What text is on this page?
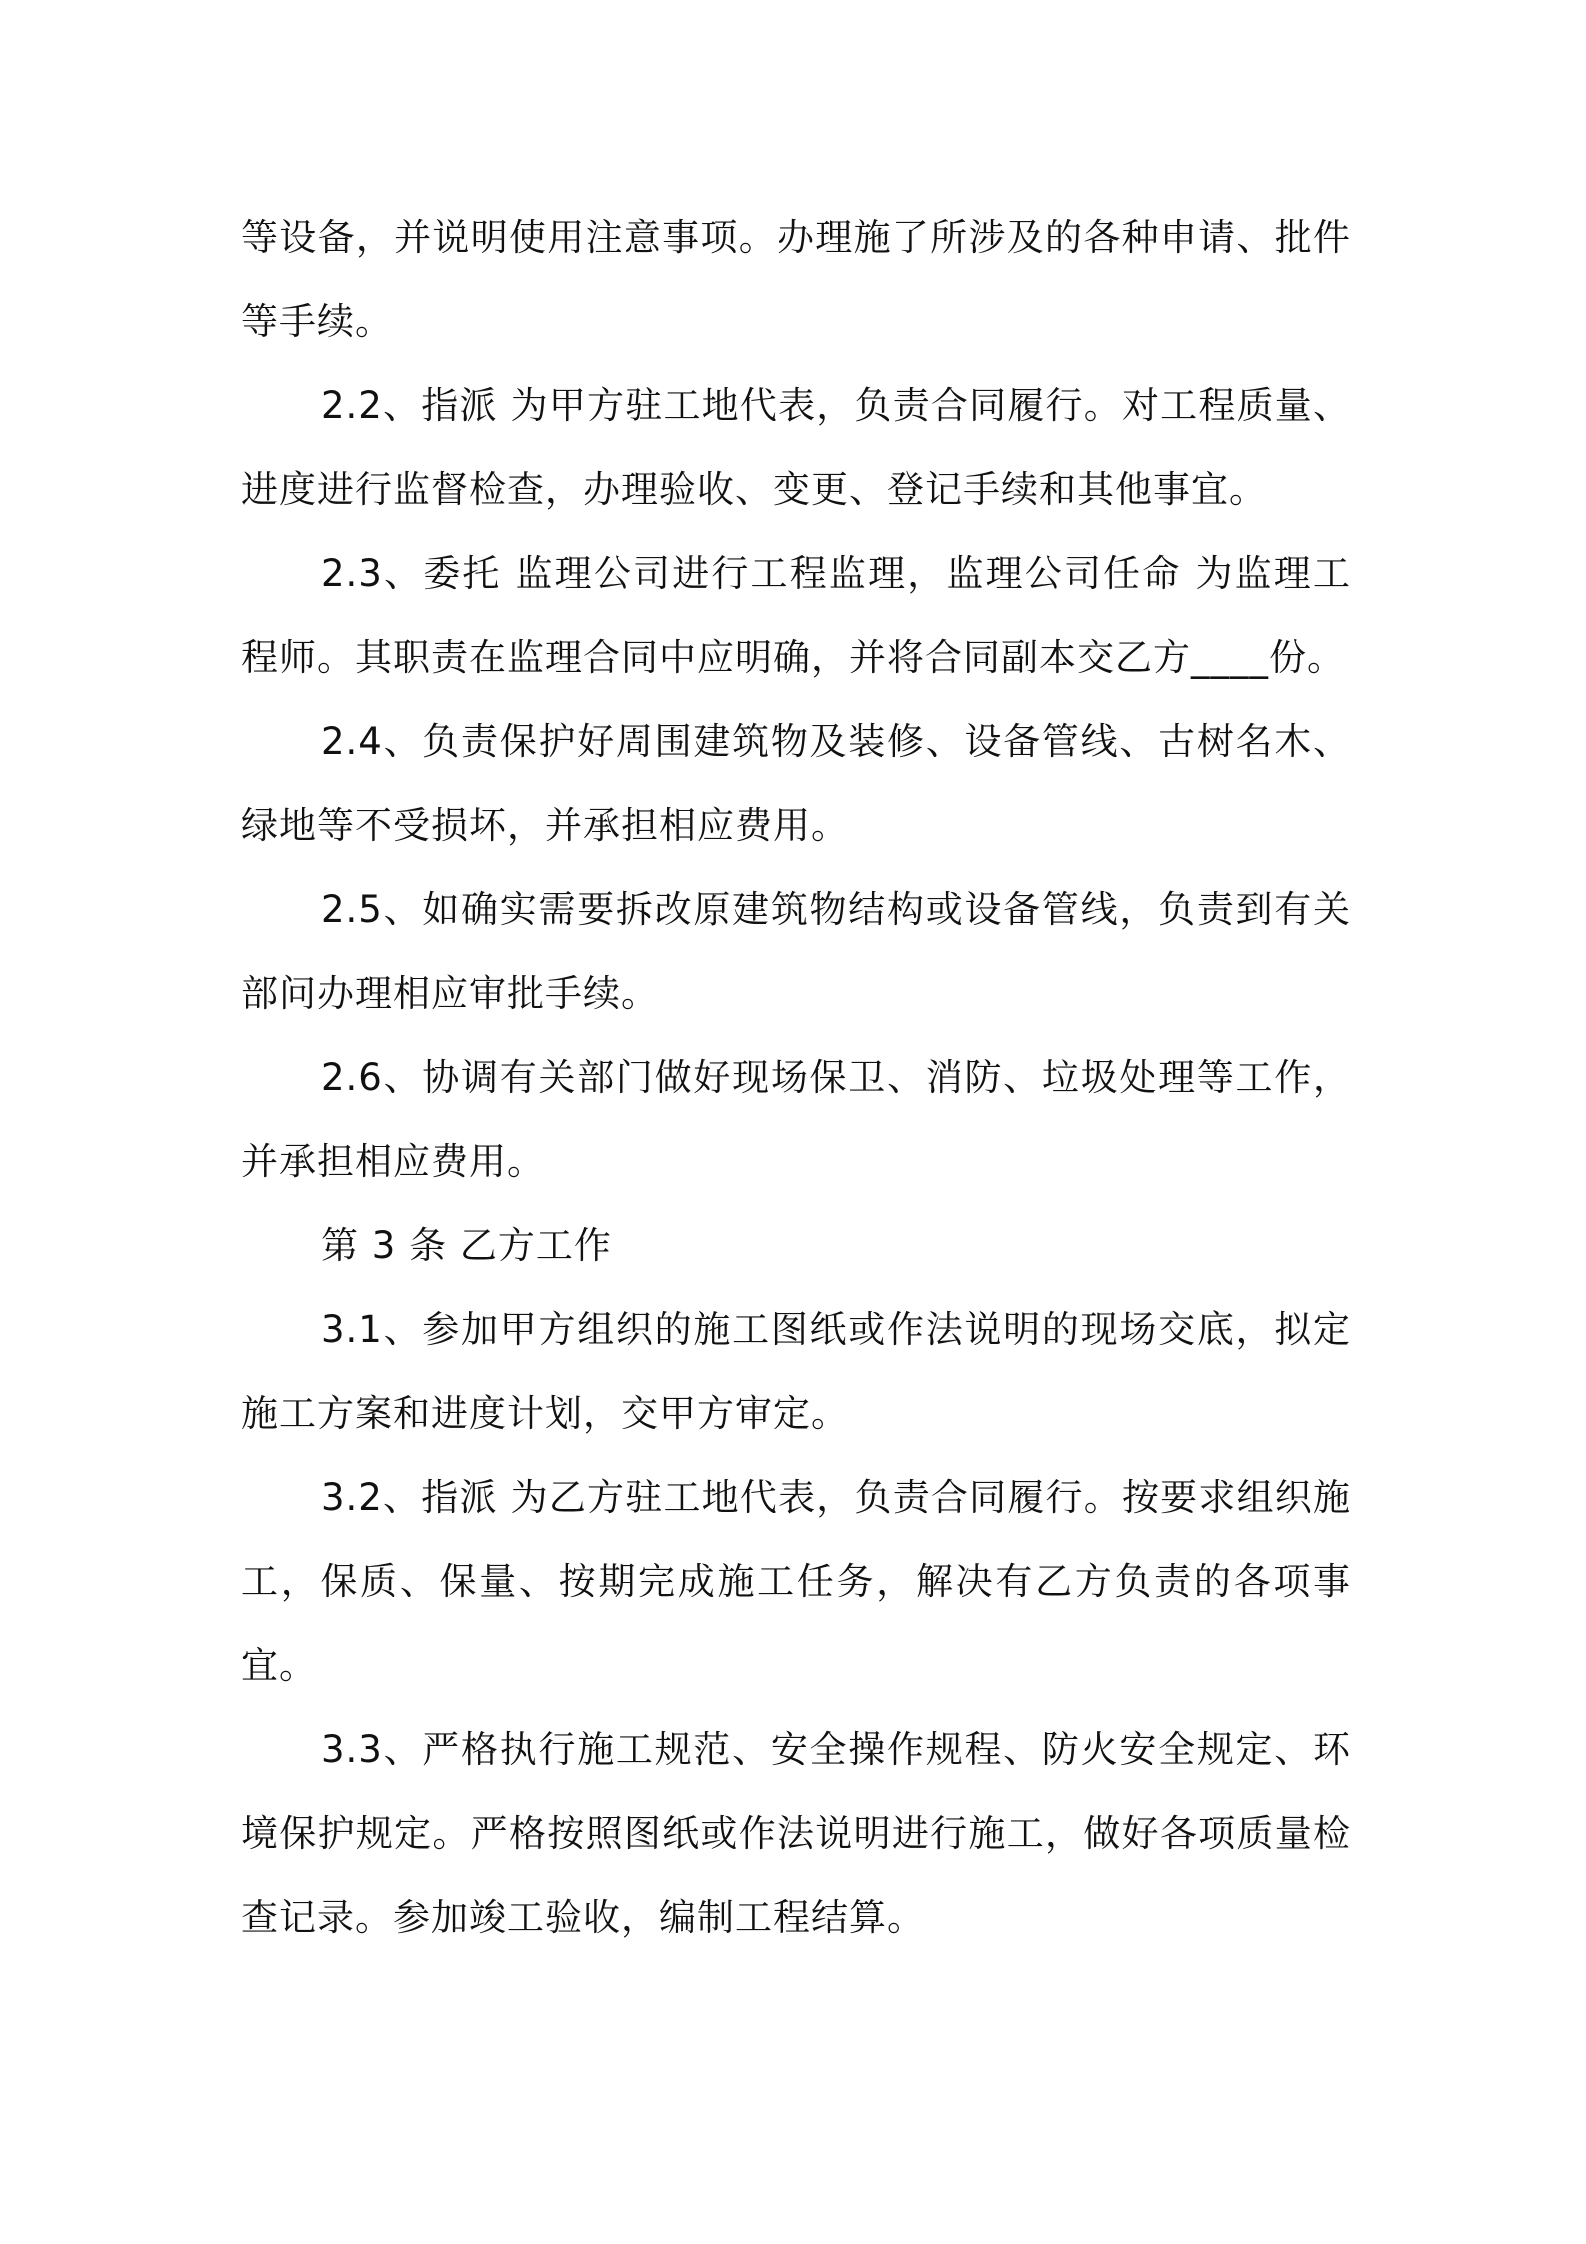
等设备，并说明使用注意事项。办理施了所涉及的各种申请、批件等手续。

2.2、指派 为甲方驻工地代表，负责合同履行。对工程质量、进度进行监督检查，办理验收、变更、登记手续和其他事宜。

2.3、委托 监理公司进行工程监理，监理公司任命 为监理工程师。其职责在监理合同中应明确，并将合同副本交乙方____份。

2.4、负责保护好周围建筑物及装修、设备管线、古树名木、绿地等不受损坏，并承担相应费用。

2.5、如确实需要拆改原建筑物结构或设备管线，负责到有关部问办理相应审批手续。

2.6、协调有关部门做好现场保卫、消防、垃圾处理等工作，并承担相应费用。

第 3 条 乙方工作

3.1、参加甲方组织的施工图纸或作法说明的现场交底，拟定施工方案和进度计划，交甲方审定。

3.2、指派 为乙方驻工地代表，负责合同履行。按要求组织施工，保质、保量、按期完成施工任务，解决有乙方负责的各项事宜。

3.3、严格执行施工规范、安全操作规程、防火安全规定、环境保护规定。严格按照图纸或作法说明进行施工，做好各项质量检查记录。参加竣工验收，编制工程结算。
